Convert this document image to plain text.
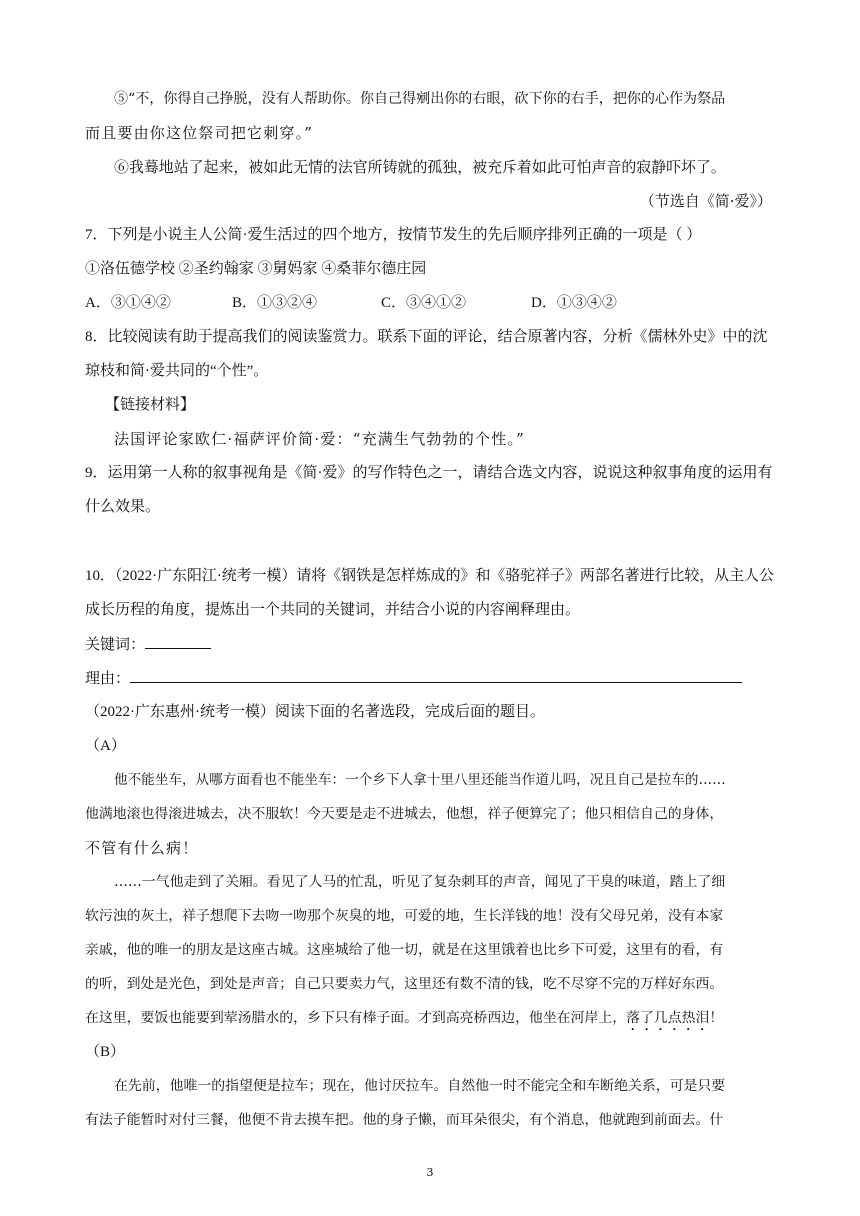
⑤“不，你得自己挣脱，没有人帮助你。你自己得剜出你的右眼，砍下你的右手，把你的心作为祭品
而且要由你这位祭司把它刺穿。”
⑥我蓦地站了起来，被如此无情的法官所铸就的孤独，被充斥着如此可怕声音的寂静吓坏了。
（节选自《简·爱》）
7．下列是小说主人公简·爱生活过的四个地方，按情节发生的先后顺序排列正确的一项是（ ）
①洛伍德学校 ②圣约翰家 ③舅妈家 ④桑菲尔德庄园
A．③①④②	B．①③②④	C．③④①②	D．①③④②
8．比较阅读有助于提高我们的阅读鉴赏力。联系下面的评论，结合原著内容，分析《儒林外史》中的沈
琼枝和简·爱共同的“个性”。
【链接材料】
法国评论家欧仁·福萨评价简·爱：“充满生气勃勃的个性。”
9．运用第一人称的叙事视角是《简·爱》的写作特色之一，请结合选文内容，说说这种叙事角度的运用有
什么效果。
10．（2022·广东阳江·统考一模）请将《钢铁是怎样炼成的》和《骆驼祥子》两部名著进行比较，从主人公
成长历程的角度，提炼出一个共同的关键词，并结合小说的内容阐释理由。
关键词：
理由：
（2022·广东惠州·统考一模）阅读下面的名著选段，完成后面的题目。
（A）
他不能坐车，从哪方面看也不能坐车：一个乡下人拿十里八里还能当作道儿吗，况且自己是拉车的……
他满地滚也得滚进城去，决不服软！今天要是走不进城去，他想，祥子便算完了；他只相信自己的身体，
不管有什么病！
……一气他走到了关厢。看见了人马的忙乱，听见了复杂刺耳的声音，闻见了干臭的味道，踏上了细
软污浊的灰土，祥子想爬下去吻一吻那个灰臭的地，可爱的地，生长洋钱的地！没有父母兄弟，没有本家
亲戚，他的唯一的朋友是这座古城。这座城给了他一切，就是在这里饿着也比乡下可爱，这里有的看，有
的听，到处是光色，到处是声音；自己只要卖力气，这里还有数不清的钱，吃不尽穿不完的万样好东西。
在这里，要饭也能要到荤汤腊水的，乡下只有棒子面。才到高亮桥西边，他坐在河岸上，落了几点热泪！
（B）
在先前，他唯一的指望便是拉车；现在，他讨厌拉车。自然他一时不能完全和车断绝关系，可是只要
有法子能暂时对付三餐，他便不肯去摸车把。他的身子懒，而耳朵很尖，有个消息，他就跑到前面去。什
3
